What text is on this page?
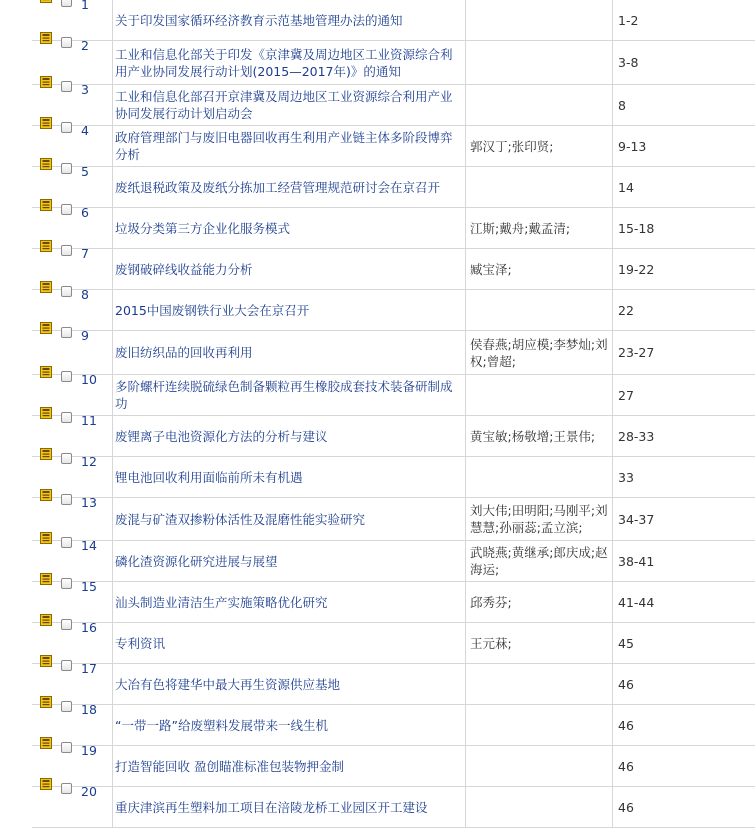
1	关于印发国家循环经济教育示范基地管理办法的通知		1-2

2	工业和信息化部关于印发《京津冀及周边地区工业资源综合利用产业协同发展行动计划(2015—2017年)》的通知		3-8

3	工业和信息化部召开京津冀及周边地区工业资源综合利用产业协同发展行动计划启动会		8

4	政府管理部门与废旧电器回收再生利用产业链主体多阶段博弈分析	郭汉丁;张印贤;	9-13

5	废纸退税政策及废纸分拣加工经营管理规范研讨会在京召开		14

6	垃圾分类第三方企业化服务模式	江斯;戴舟;戴孟清;	15-18

7	废钢破碎线收益能力分析	臧宝泽;	19-22

8	2015中国废钢铁行业大会在京召开		22

9	废旧纺织品的回收再利用	侯春燕;胡应模;李梦灿;刘权;曾超;	23-27

10	多阶螺杆连续脱硫绿色制备颗粒再生橡胶成套技术装备研制成功		27

11	废锂离子电池资源化方法的分析与建议	黄宝敏;杨敬增;王景伟;	28-33

12	锂电池回收利用面临前所未有机遇		33

13	废混与矿渣双掺粉体活性及混磨性能实验研究	刘大伟;田明阳;马刚平;刘慧慧;孙丽蕊;孟立滨;	34-37

14	磷化渣资源化研究进展与展望	武晓燕;黄继承;郎庆成;赵海运;	38-41

15	汕头制造业清洁生产实施策略优化研究	邱秀芬;	41-44

16	专利资讯	王元菻;	45

17	大冶有色将建华中最大再生资源供应基地		46

18	“一带一路”给废塑料发展带来一线生机		46

19	打造智能回收 盈创瞄准标准包装物押金制		46

20	重庆津滨再生塑料加工项目在涪陵龙桥工业园区开工建设		46
